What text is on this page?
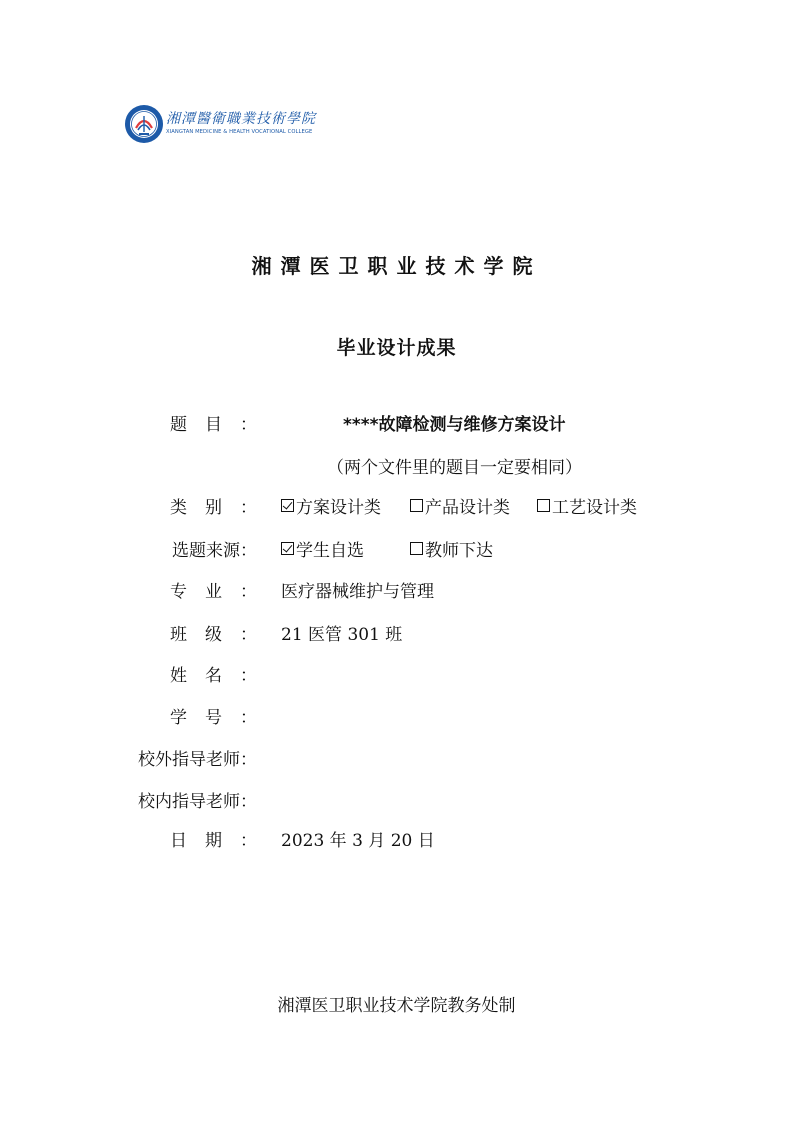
湘潭醫衛職業技術學院
XIANGTAN MEDICINE & HEALTH VOCATIONAL COLLEGE
湘潭医卫职业技术学院
毕业设计成果
题目：	****故障检测与维修方案设计
（两个文件里的题目一定要相同）
类别： 方案设计类	产品设计类 工艺设计类
选题来源： 学生自选	教师下达
专业： 医疗器械维护与管理
班级： 21 医管 301 班
姓名：
学号：
校外指导老师：
校内指导老师：
日期： 2023 年 3 月 20 日
湘潭医卫职业技术学院教务处制
